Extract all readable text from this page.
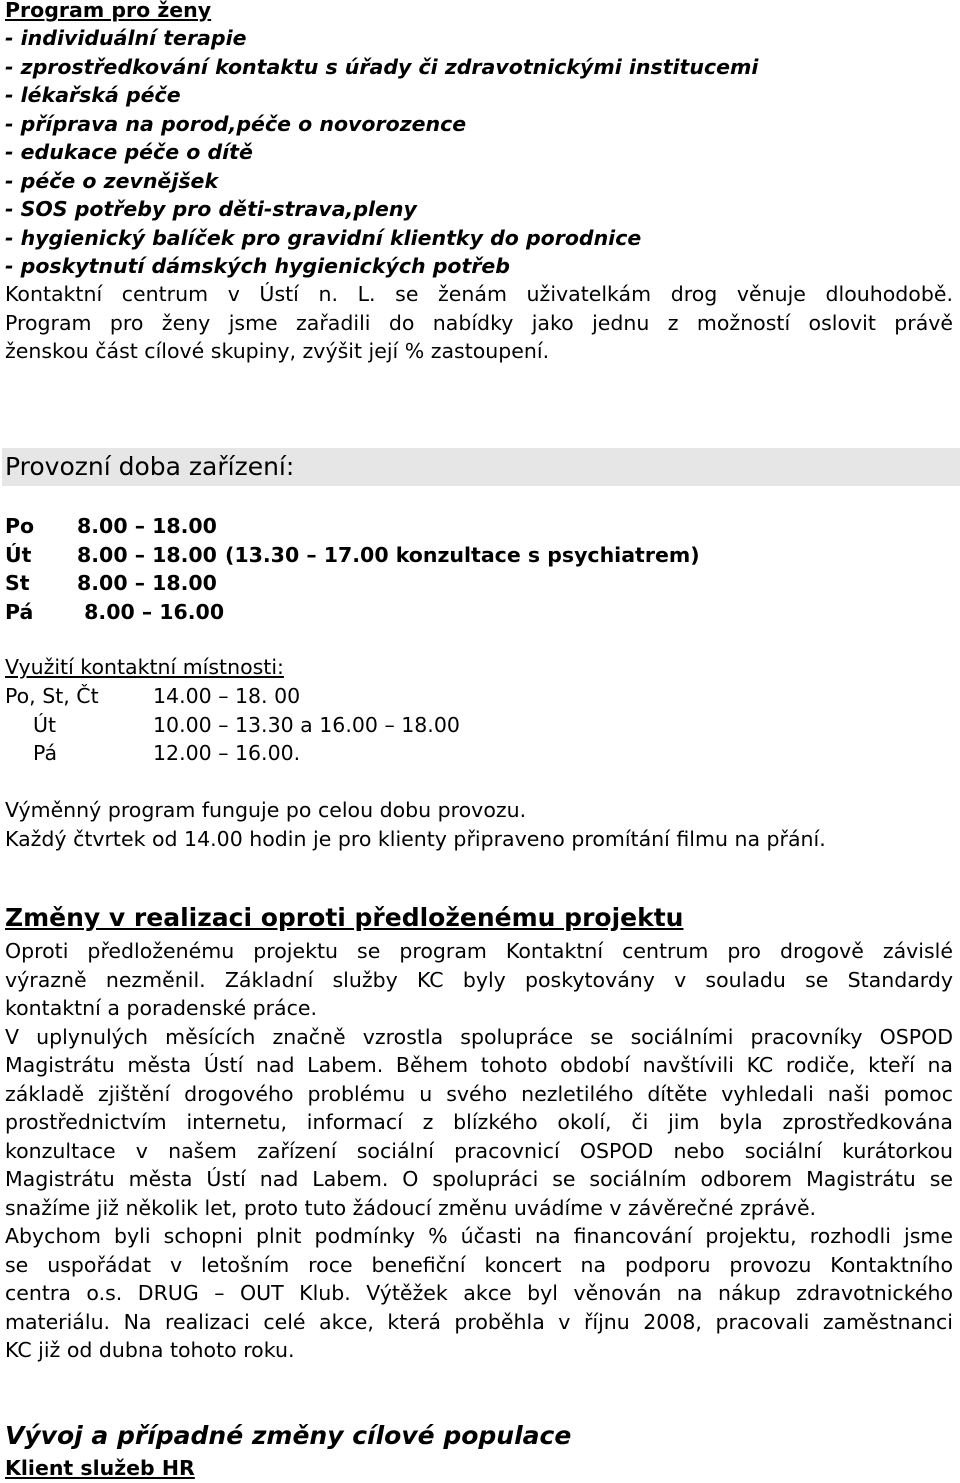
Program pro ženy
- individuální terapie
- zprostředkování kontaktu s úřady či zdravotnickými institucemi
- lékařská péče
- příprava na porod,péče o novorozence
- edukace péče o dítě
- péče o zevnějšek
- SOS potřeby pro děti-strava,pleny
- hygienický balíček pro gravidní klientky do porodnice
- poskytnutí dámských hygienických potřeb
Kontaktní centrum v Ústí n. L. se ženám uživatelkám drog věnuje dlouhodobě.
Program pro ženy jsme zařadili do nabídky jako jednu z možností oslovit právě
ženskou část cílové skupiny, zvýšit její % zastoupení.
Provozní doba zařízení:
Po	8.00 – 18.00
Út	8.00 – 18.00 (13.30 – 17.00 konzultace s psychiatrem)
St	8.00 – 18.00
Pá	8.00 – 16.00
Využití kontaktní místnosti:
Po, St, Čt	14.00 – 18. 00
Út	10.00 – 13.30 a 16.00 – 18.00
Pá	12.00 – 16.00.
Výměnný program funguje po celou dobu provozu.
Každý čtvrtek od 14.00 hodin je pro klienty připraveno promítání filmu na přání.
Změny v realizaci oproti předloženému projektu
Oproti předloženému projektu se program Kontaktní centrum pro drogově závislé
výrazně nezměnil. Základní služby KC byly poskytovány v souladu se Standardy
kontaktní a poradenské práce.
V uplynulých měsících značně vzrostla spolupráce se sociálními pracovníky OSPOD
Magistrátu města Ústí nad Labem. Během tohoto období navštívili KC rodiče, kteří na
základě zjištění drogového problému u svého nezletilého dítěte vyhledali naši pomoc
prostřednictvím internetu, informací z blízkého okolí, či jim byla zprostředkována
konzultace v našem zařízení sociální pracovnicí OSPOD nebo sociální kurátorkou
Magistrátu města Ústí nad Labem. O spolupráci se sociálním odborem Magistrátu se
snažíme již několik let, proto tuto žádoucí změnu uvádíme v závěrečné zprávě.
Abychom byli schopni plnit podmínky % účasti na financování projektu, rozhodli jsme
se uspořádat v letošním roce benefiční koncert na podporu provozu Kontaktního
centra o.s. DRUG – OUT Klub. Výtěžek akce byl věnován na nákup zdravotnického
materiálu. Na realizaci celé akce, která proběhla v říjnu 2008, pracovali zaměstnanci
KC již od dubna tohoto roku.
Vývoj a případné změny cílové populace
Klient služeb HR
